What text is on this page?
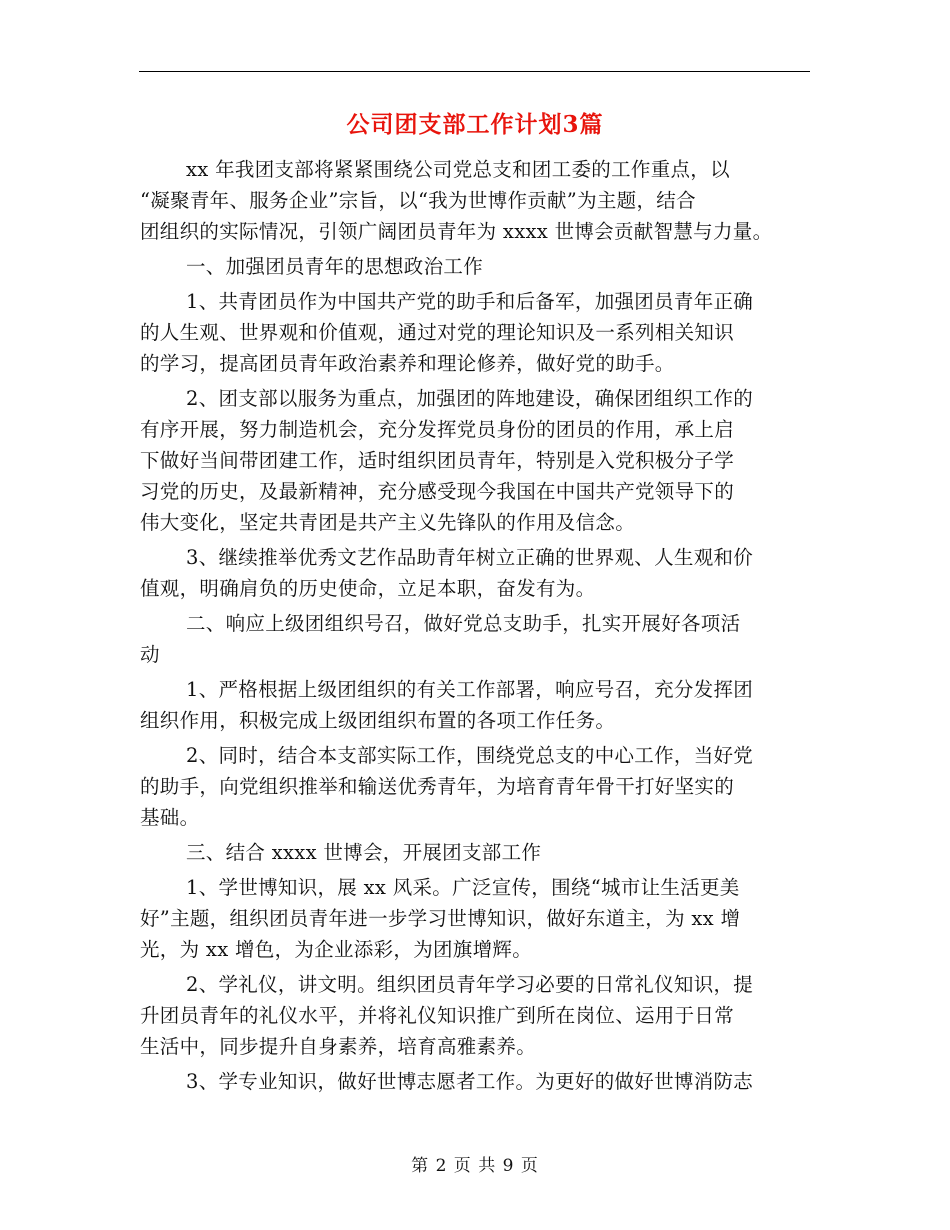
公司团支部工作计划3篇
xx 年我团支部将紧紧围绕公司党总支和团工委的工作重点，以
“凝聚青年、服务企业”宗旨，以“我为世博作贡献”为主题，结合
团组织的实际情况，引领广阔团员青年为 xxxx 世博会贡献智慧与力量。
一、加强团员青年的思想政治工作
1、共青团员作为中国共产党的助手和后备军，加强团员青年正确
的人生观、世界观和价值观，通过对党的理论知识及一系列相关知识
的学习，提高团员青年政治素养和理论修养，做好党的助手。
2、团支部以服务为重点，加强团的阵地建设，确保团组织工作的
有序开展，努力制造机会，充分发挥党员身份的团员的作用，承上启
下做好当间带团建工作，适时组织团员青年，特别是入党积极分子学
习党的历史，及最新精神，充分感受现今我国在中国共产党领导下的
伟大变化，坚定共青团是共产主义先锋队的作用及信念。
3、继续推举优秀文艺作品助青年树立正确的世界观、人生观和价
值观，明确肩负的历史使命，立足本职，奋发有为。
二、响应上级团组织号召，做好党总支助手，扎实开展好各项活
动
1、严格根据上级团组织的有关工作部署，响应号召，充分发挥团
组织作用，积极完成上级团组织布置的各项工作任务。
2、同时，结合本支部实际工作，围绕党总支的中心工作，当好党
的助手，向党组织推举和输送优秀青年，为培育青年骨干打好坚实的
基础。
三、结合 xxxx 世博会，开展团支部工作
1、学世博知识，展 xx 风采。广泛宣传，围绕“城市让生活更美
好”主题，组织团员青年进一步学习世博知识，做好东道主，为 xx 增
光，为 xx 增色，为企业添彩，为团旗增辉。
2、学礼仪，讲文明。组织团员青年学习必要的日常礼仪知识，提
升团员青年的礼仪水平，并将礼仪知识推广到所在岗位、运用于日常
生活中，同步提升自身素养，培育高雅素养。
3、学专业知识，做好世博志愿者工作。为更好的做好世博消防志
第 2 页 共 9 页
